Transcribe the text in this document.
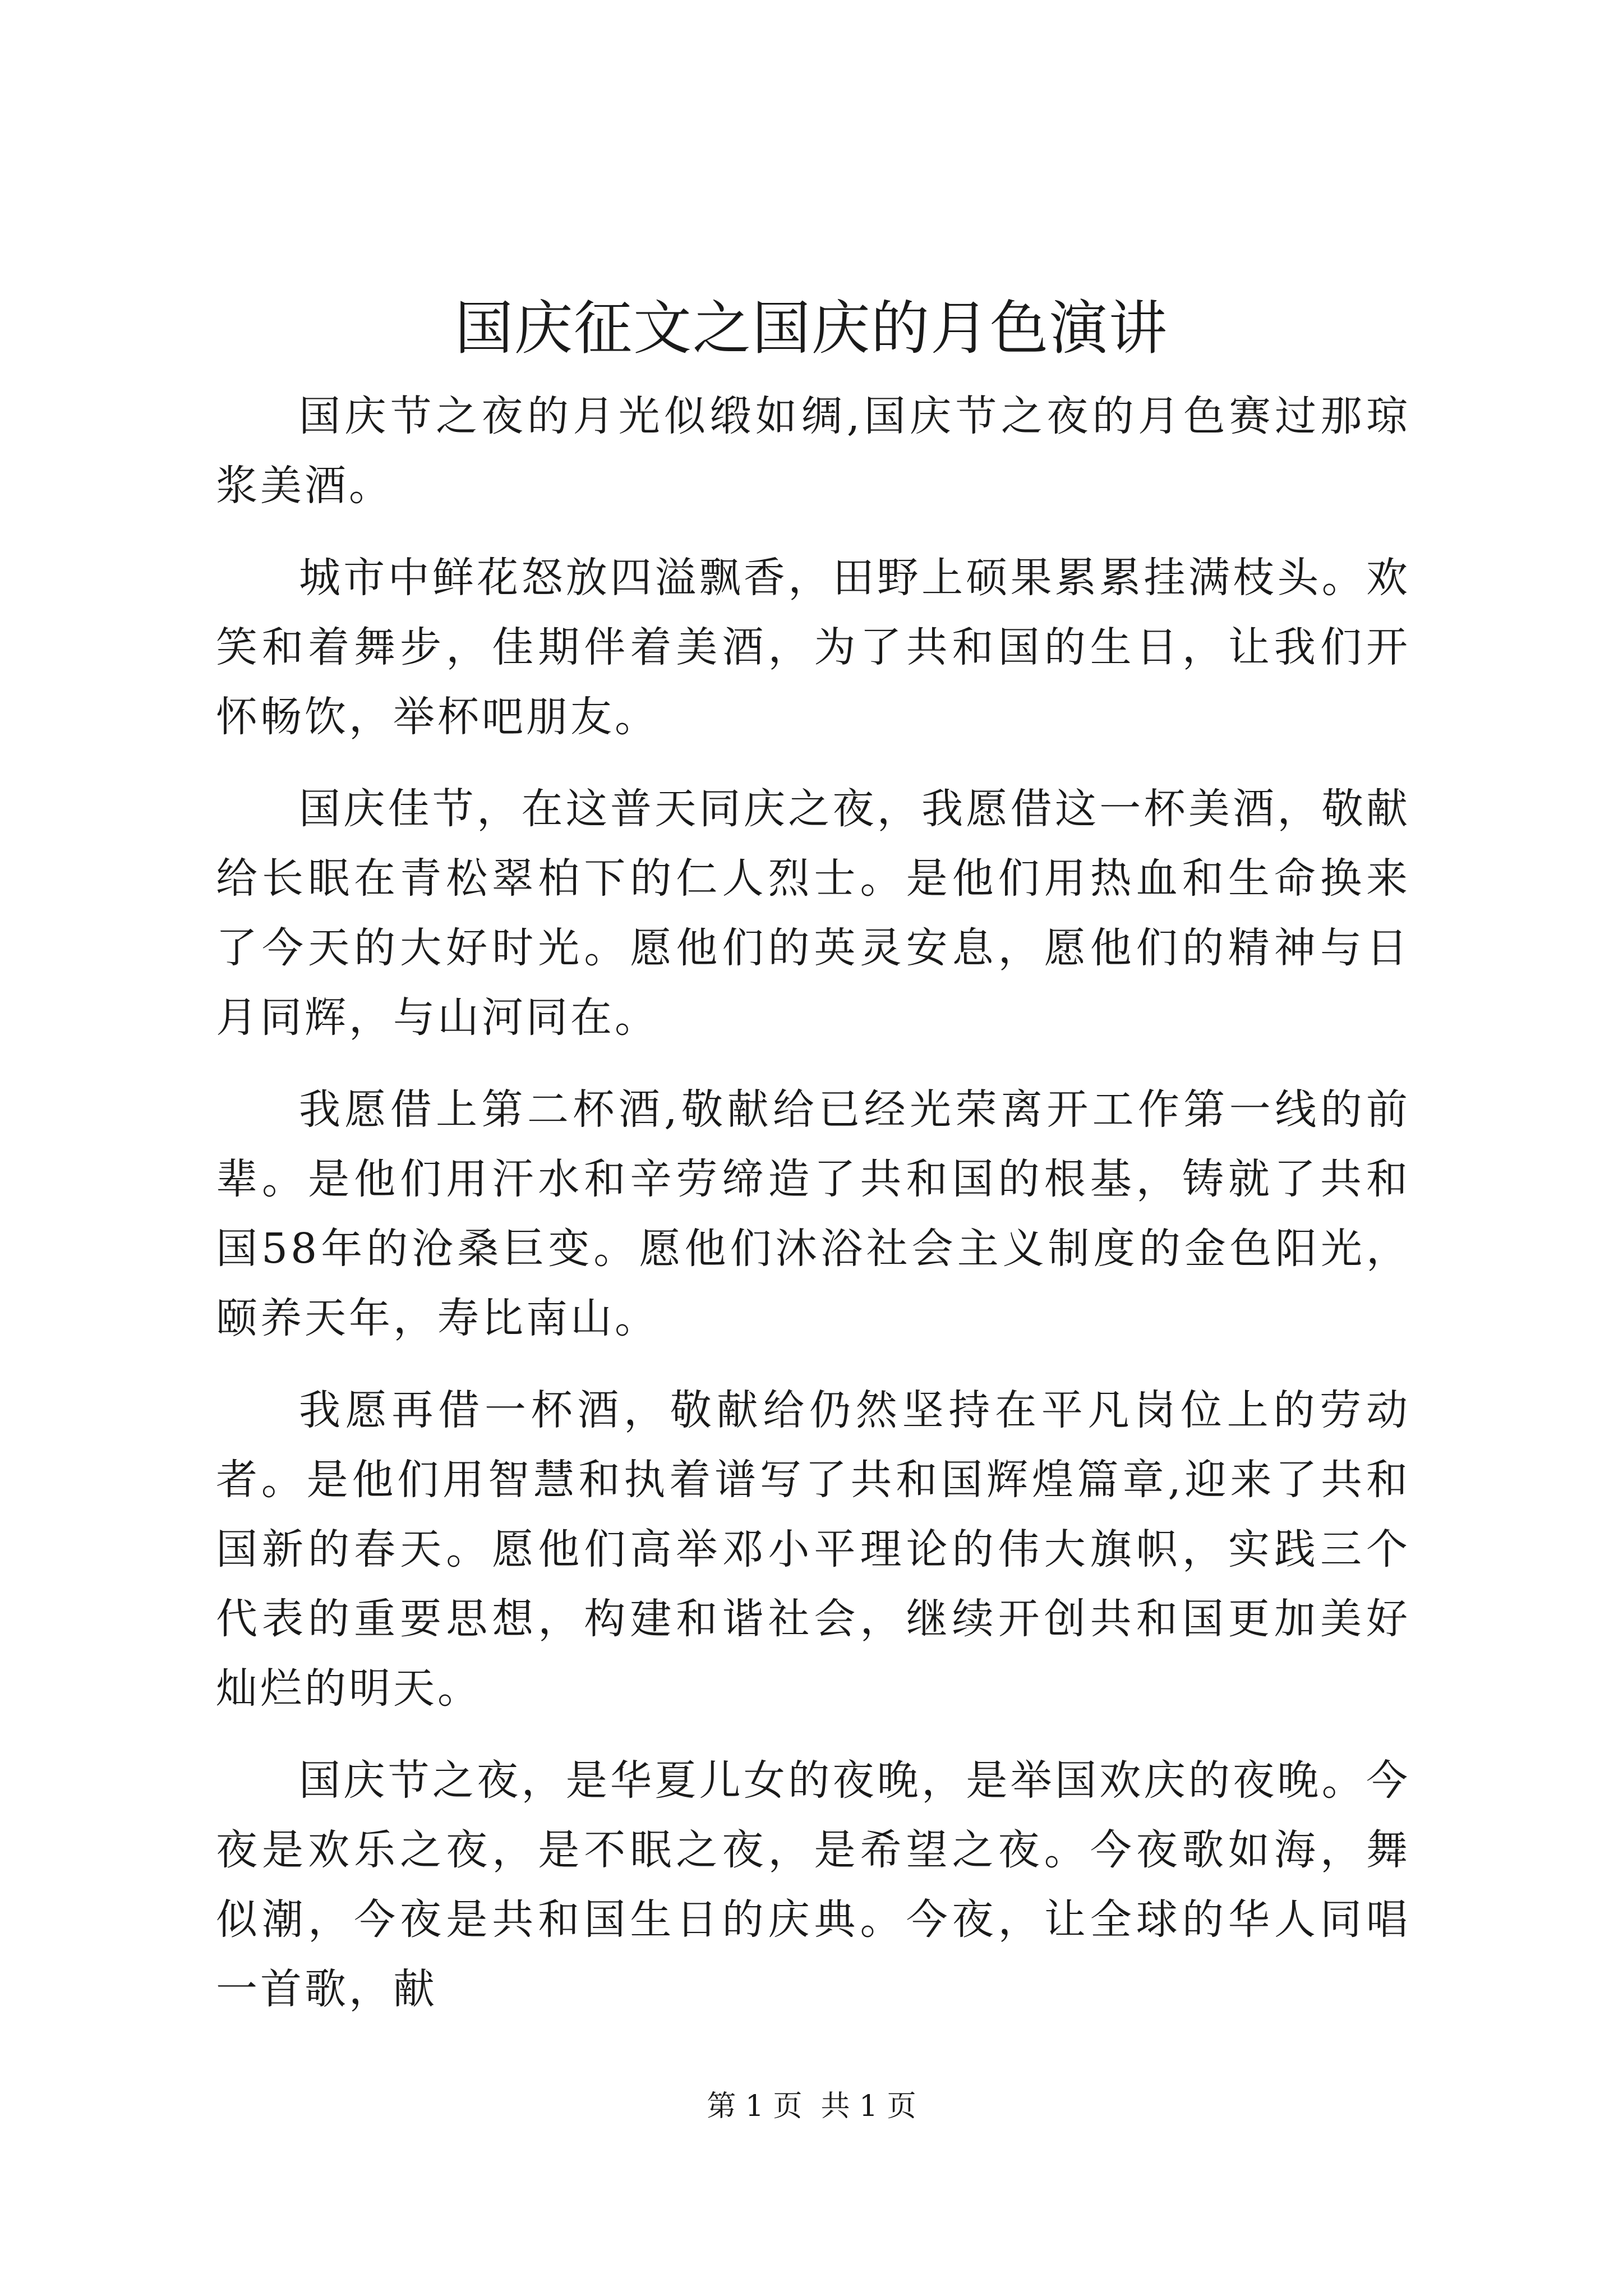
国庆征文之国庆的月色演讲

国庆节之夜的月光似缎如绸,国庆节之夜的月色赛过那琼浆美酒。

城市中鲜花怒放四溢飘香，田野上硕果累累挂满枝头。欢笑和着舞步，佳期伴着美酒，为了共和国的生日，让我们开怀畅饮，举杯吧朋友。

国庆佳节，在这普天同庆之夜，我愿借这一杯美酒，敬献给长眠在青松翠柏下的仁人烈士。是他们用热血和生命换来了今天的大好时光。愿他们的英灵安息，愿他们的精神与日月同辉，与山河同在。

我愿借上第二杯酒,敬献给已经光荣离开工作第一线的前辈。是他们用汗水和辛劳缔造了共和国的根基，铸就了共和国58年的沧桑巨变。愿他们沐浴社会主义制度的金色阳光，颐养天年，寿比南山。

我愿再借一杯酒，敬献给仍然坚持在平凡岗位上的劳动者。是他们用智慧和执着谱写了共和国辉煌篇章,迎来了共和国新的春天。愿他们高举邓小平理论的伟大旗帜，实践三个代表的重要思想，构建和谐社会，继续开创共和国更加美好灿烂的明天。

国庆节之夜，是华夏儿女的夜晚，是举国欢庆的夜晚。今夜是欢乐之夜，是不眠之夜，是希望之夜。今夜歌如海，舞似潮，今夜是共和国生日的庆典。今夜，让全球的华人同唱一首歌，献

第 1 页  共 1 页
